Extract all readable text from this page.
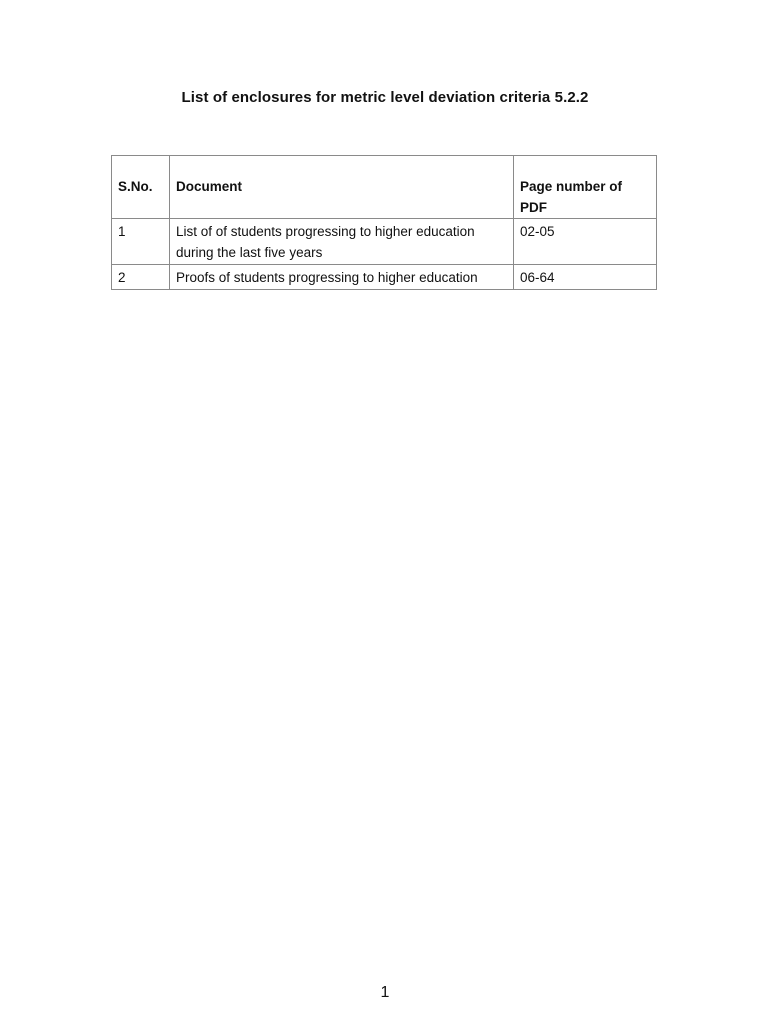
List of enclosures for metric level deviation criteria 5.2.2
S.No.	Document	Page number of PDF
1	List of of students progressing to higher education during the last five years	02-05
2	Proofs of students progressing to higher education	06-64
1
